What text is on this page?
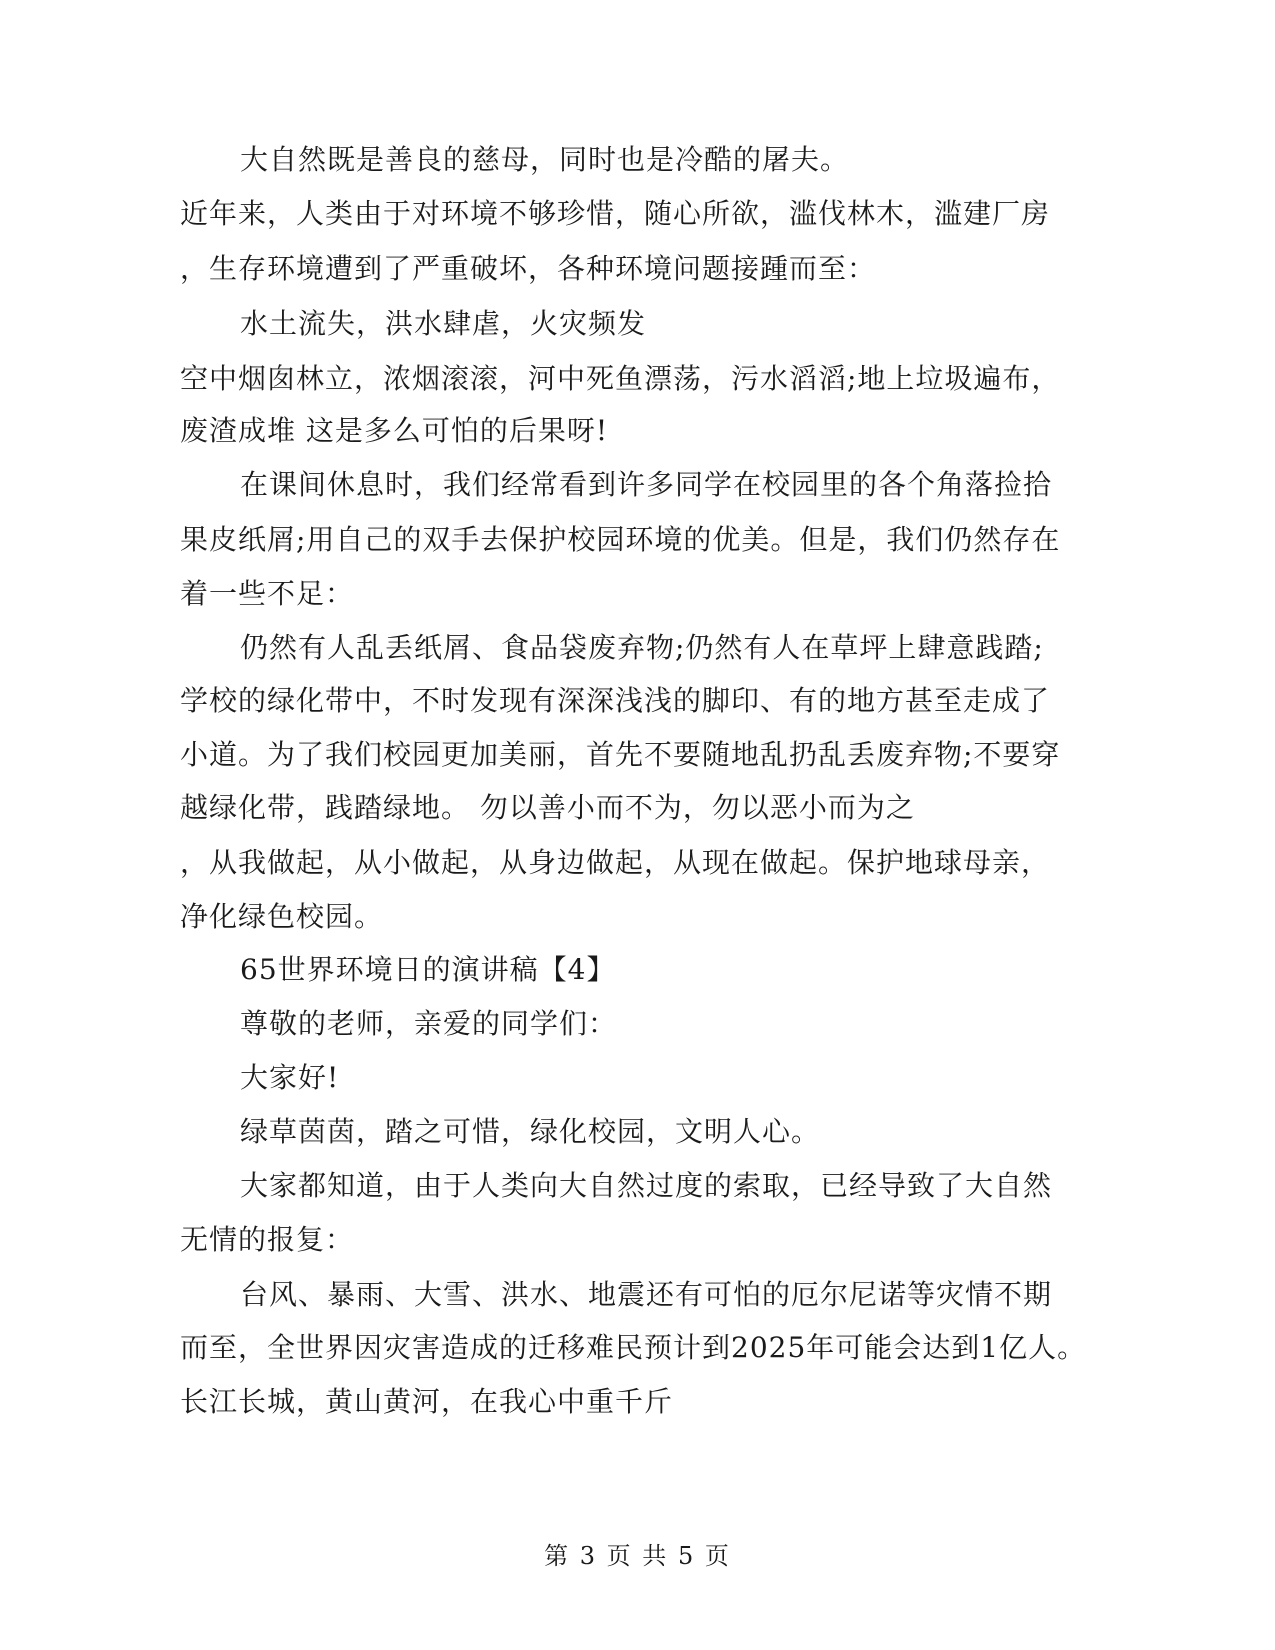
大自然既是善良的慈母，同时也是冷酷的屠夫。
近年来，人类由于对环境不够珍惜，随心所欲，滥伐林木，滥建厂房
，生存环境遭到了严重破坏，各种环境问题接踵而至：
水土流失，洪水肆虐，火灾频发
空中烟囱林立，浓烟滚滚，河中死鱼漂荡，污水滔滔;地上垃圾遍布，
废渣成堆 这是多么可怕的后果呀!
在课间休息时，我们经常看到许多同学在校园里的各个角落捡拾
果皮纸屑;用自己的双手去保护校园环境的优美。但是，我们仍然存在
着一些不足：
仍然有人乱丢纸屑、食品袋废弃物;仍然有人在草坪上肆意践踏;
学校的绿化带中，不时发现有深深浅浅的脚印、有的地方甚至走成了
小道。为了我们校园更加美丽，首先不要随地乱扔乱丢废弃物;不要穿
越绿化带，践踏绿地。 勿以善小而不为，勿以恶小而为之
，从我做起，从小做起，从身边做起，从现在做起。保护地球母亲，
净化绿色校园。
65世界环境日的演讲稿【4】
尊敬的老师，亲爱的同学们：
大家好!
绿草茵茵，踏之可惜，绿化校园，文明人心。
大家都知道，由于人类向大自然过度的索取，已经导致了大自然
无情的报复：
台风、暴雨、大雪、洪水、地震还有可怕的厄尔尼诺等灾情不期
而至，全世界因灾害造成的迁移难民预计到2025年可能会达到1亿人。
长江长城，黄山黄河，在我心中重千斤
第 3 页 共 5 页
